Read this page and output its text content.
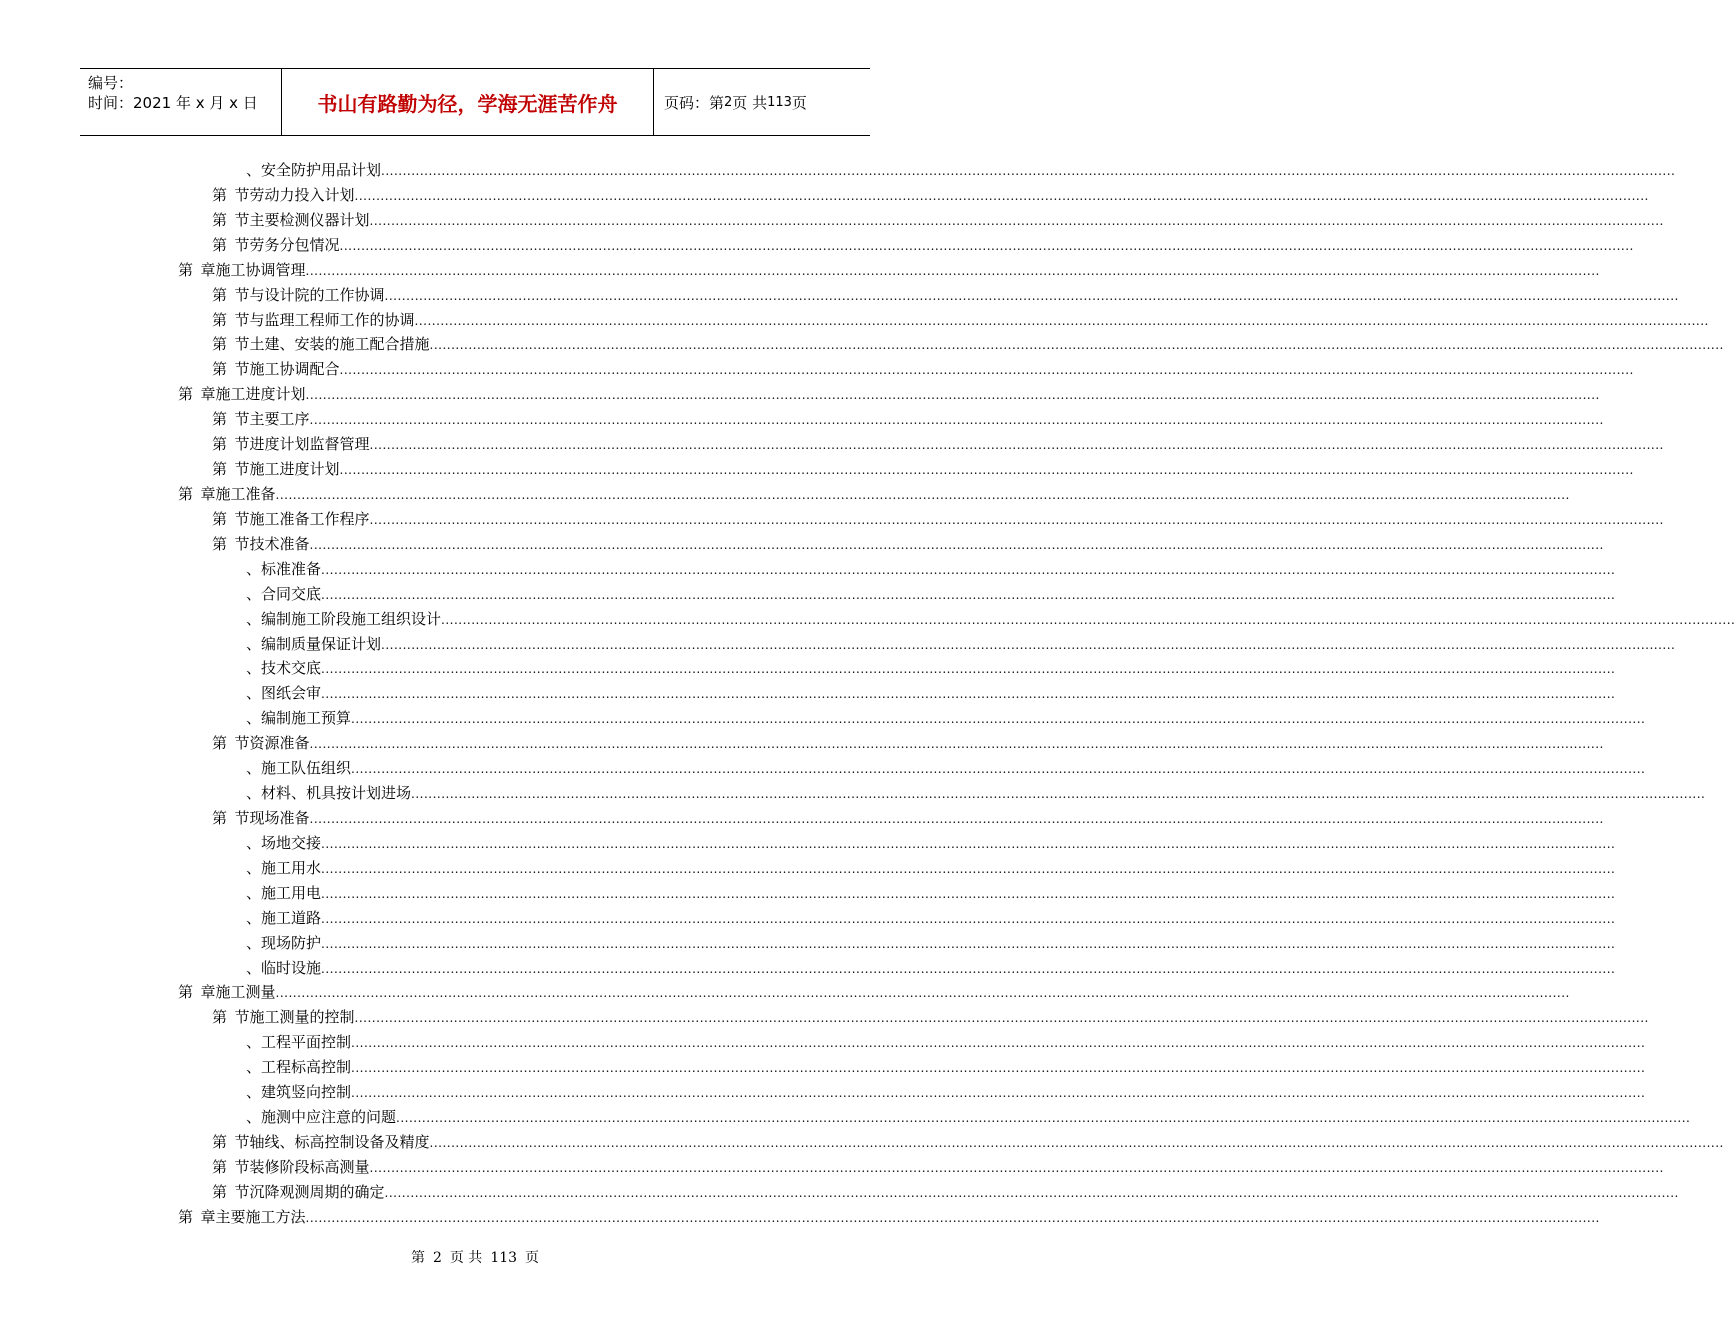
编号：
时间：2021 年 x 月 x 日	书山有路勤为径，学海无涯苦作舟	页码：第 2 页 共 113 页
、 安全防护用品计划 ............................................................................................................................................................................................................................................................................................................
第 节 劳动力投入计划 ............................................................................................................................................................................................................................................................................................................
第 节 主要检测仪器计划 ............................................................................................................................................................................................................................................................................................................
第 节 劳务分包情况 ............................................................................................................................................................................................................................................................................................................
第 章 施工协调管理 ............................................................................................................................................................................................................................................................................................................
第 节 与设计院的工作协调 ............................................................................................................................................................................................................................................................................................................
第 节 与监理工程师工作的协调 ............................................................................................................................................................................................................................................................................................................
第 节 土建、安装的施工配合措施 ............................................................................................................................................................................................................................................................................................................
第 节 施工协调配合 ............................................................................................................................................................................................................................................................................................................
第 章 施工进度计划 ............................................................................................................................................................................................................................................................................................................
第 节 主要工序 ............................................................................................................................................................................................................................................................................................................
第 节 进度计划监督管理 ............................................................................................................................................................................................................................................................................................................
第 节 施工进度计划 ............................................................................................................................................................................................................................................................................................................
第 章 施工准备 ............................................................................................................................................................................................................................................................................................................
第 节 施工准备工作程序 ............................................................................................................................................................................................................................................................................................................
第 节 技术准备 ............................................................................................................................................................................................................................................................................................................
、 标准准备 ............................................................................................................................................................................................................................................................................................................
、 合同交底 ............................................................................................................................................................................................................................................................................................................
、 编制施工阶段施工组织设计 ............................................................................................................................................................................................................................................................................................................
、 编制质量保证计划 ............................................................................................................................................................................................................................................................................................................
、 技术交底 ............................................................................................................................................................................................................................................................................................................
、 图纸会审 ............................................................................................................................................................................................................................................................................................................
、 编制施工预算 ............................................................................................................................................................................................................................................................................................................
第 节 资源准备 ............................................................................................................................................................................................................................................................................................................
、 施工队伍组织 ............................................................................................................................................................................................................................................................................................................
、 材料、机具按计划进场 ............................................................................................................................................................................................................................................................................................................
第 节 现场准备 ............................................................................................................................................................................................................................................................................................................
、 场地交接 ............................................................................................................................................................................................................................................................................................................
、 施工用水 ............................................................................................................................................................................................................................................................................................................
、 施工用电 ............................................................................................................................................................................................................................................................................................................
、 施工道路 ............................................................................................................................................................................................................................................................................................................
、 现场防护 ............................................................................................................................................................................................................................................................................................................
、 临时设施 ............................................................................................................................................................................................................................................................................................................
第 章 施工测量 ............................................................................................................................................................................................................................................................................................................
第 节 施工测量的控制 ............................................................................................................................................................................................................................................................................................................
、 工程平面控制 ............................................................................................................................................................................................................................................................................................................
、 工程标高控制 ............................................................................................................................................................................................................................................................................................................
、 建筑竖向控制 ............................................................................................................................................................................................................................................................................................................
、 施测中应注意的问题 ............................................................................................................................................................................................................................................................................................................
第 节 轴线、标高控制设备及精度 ............................................................................................................................................................................................................................................................................................................
第 节 装修阶段标高测量 ............................................................................................................................................................................................................................................................................................................
第 节 沉降观测周期的确定 ............................................................................................................................................................................................................................................................................................................
第 章 主要施工方法 ............................................................................................................................................................................................................................................................................................................
第 2 页 共 113 页
